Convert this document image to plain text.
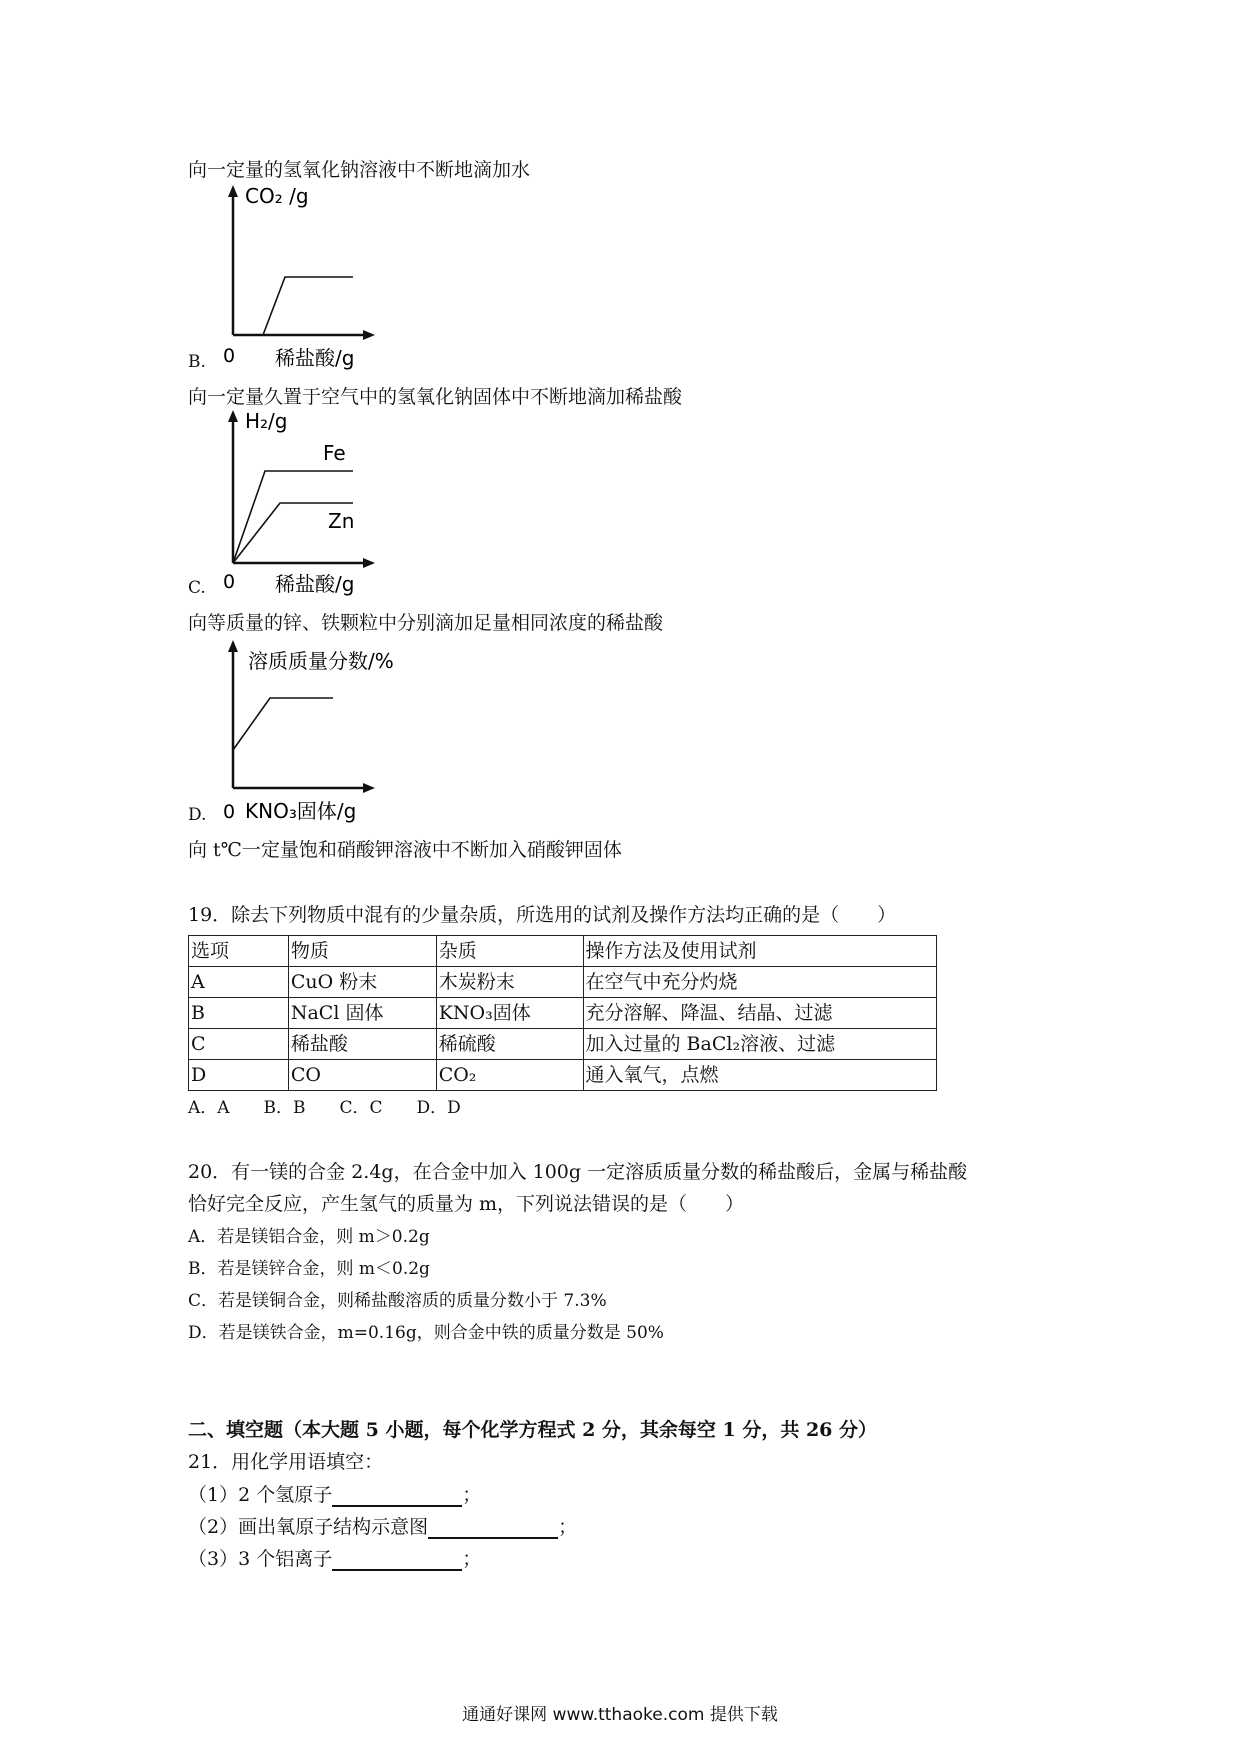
向一定量的氢氧化钠溶液中不断地滴加水
CO₂ /g
0 稀盐酸/g
B.
向一定量久置于空气中的氢氧化钠固体中不断地滴加稀盐酸
H₂/g
Fe
Zn
0 稀盐酸/g
C.
向等质量的锌、铁颗粒中分别滴加足量相同浓度的稀盐酸
溶质质量分数/%
0 KNO₃固体/g
D.
向 t℃一定量饱和硝酸钾溶液中不断加入硝酸钾固体
19．除去下列物质中混有的少量杂质，所选用的试剂及操作方法均正确的是（　　）
选项	物质	杂质	操作方法及使用试剂
A	CuO 粉末	木炭粉末	在空气中充分灼烧
B	NaCl 固体	KNO₃固体	充分溶解、降温、结晶、过滤
C	稀盐酸	稀硫酸	加入过量的 BaCl₂溶液、过滤
D	CO	CO₂	通入氧气，点燃
A．A　　B．B　　C．C　　D．D
20．有一镁的合金 2.4g，在合金中加入 100g 一定溶质质量分数的稀盐酸后，金属与稀盐酸
恰好完全反应，产生氢气的质量为 m，下列说法错误的是（　　）
A．若是镁铝合金，则 m＞0.2g
B．若是镁锌合金，则 m＜0.2g
C．若是镁铜合金，则稀盐酸溶质的质量分数小于 7.3%
D．若是镁铁合金，m=0.16g，则合金中铁的质量分数是 50%
二、填空题（本大题 5 小题，每个化学方程式 2 分，其余每空 1 分，共 26 分）
21．用化学用语填空：
（1）2 个氢原子	；
（2）画出氧原子结构示意图	；
（3）3 个铝离子	；
通通好课网 www.tthaoke.com 提供下载
